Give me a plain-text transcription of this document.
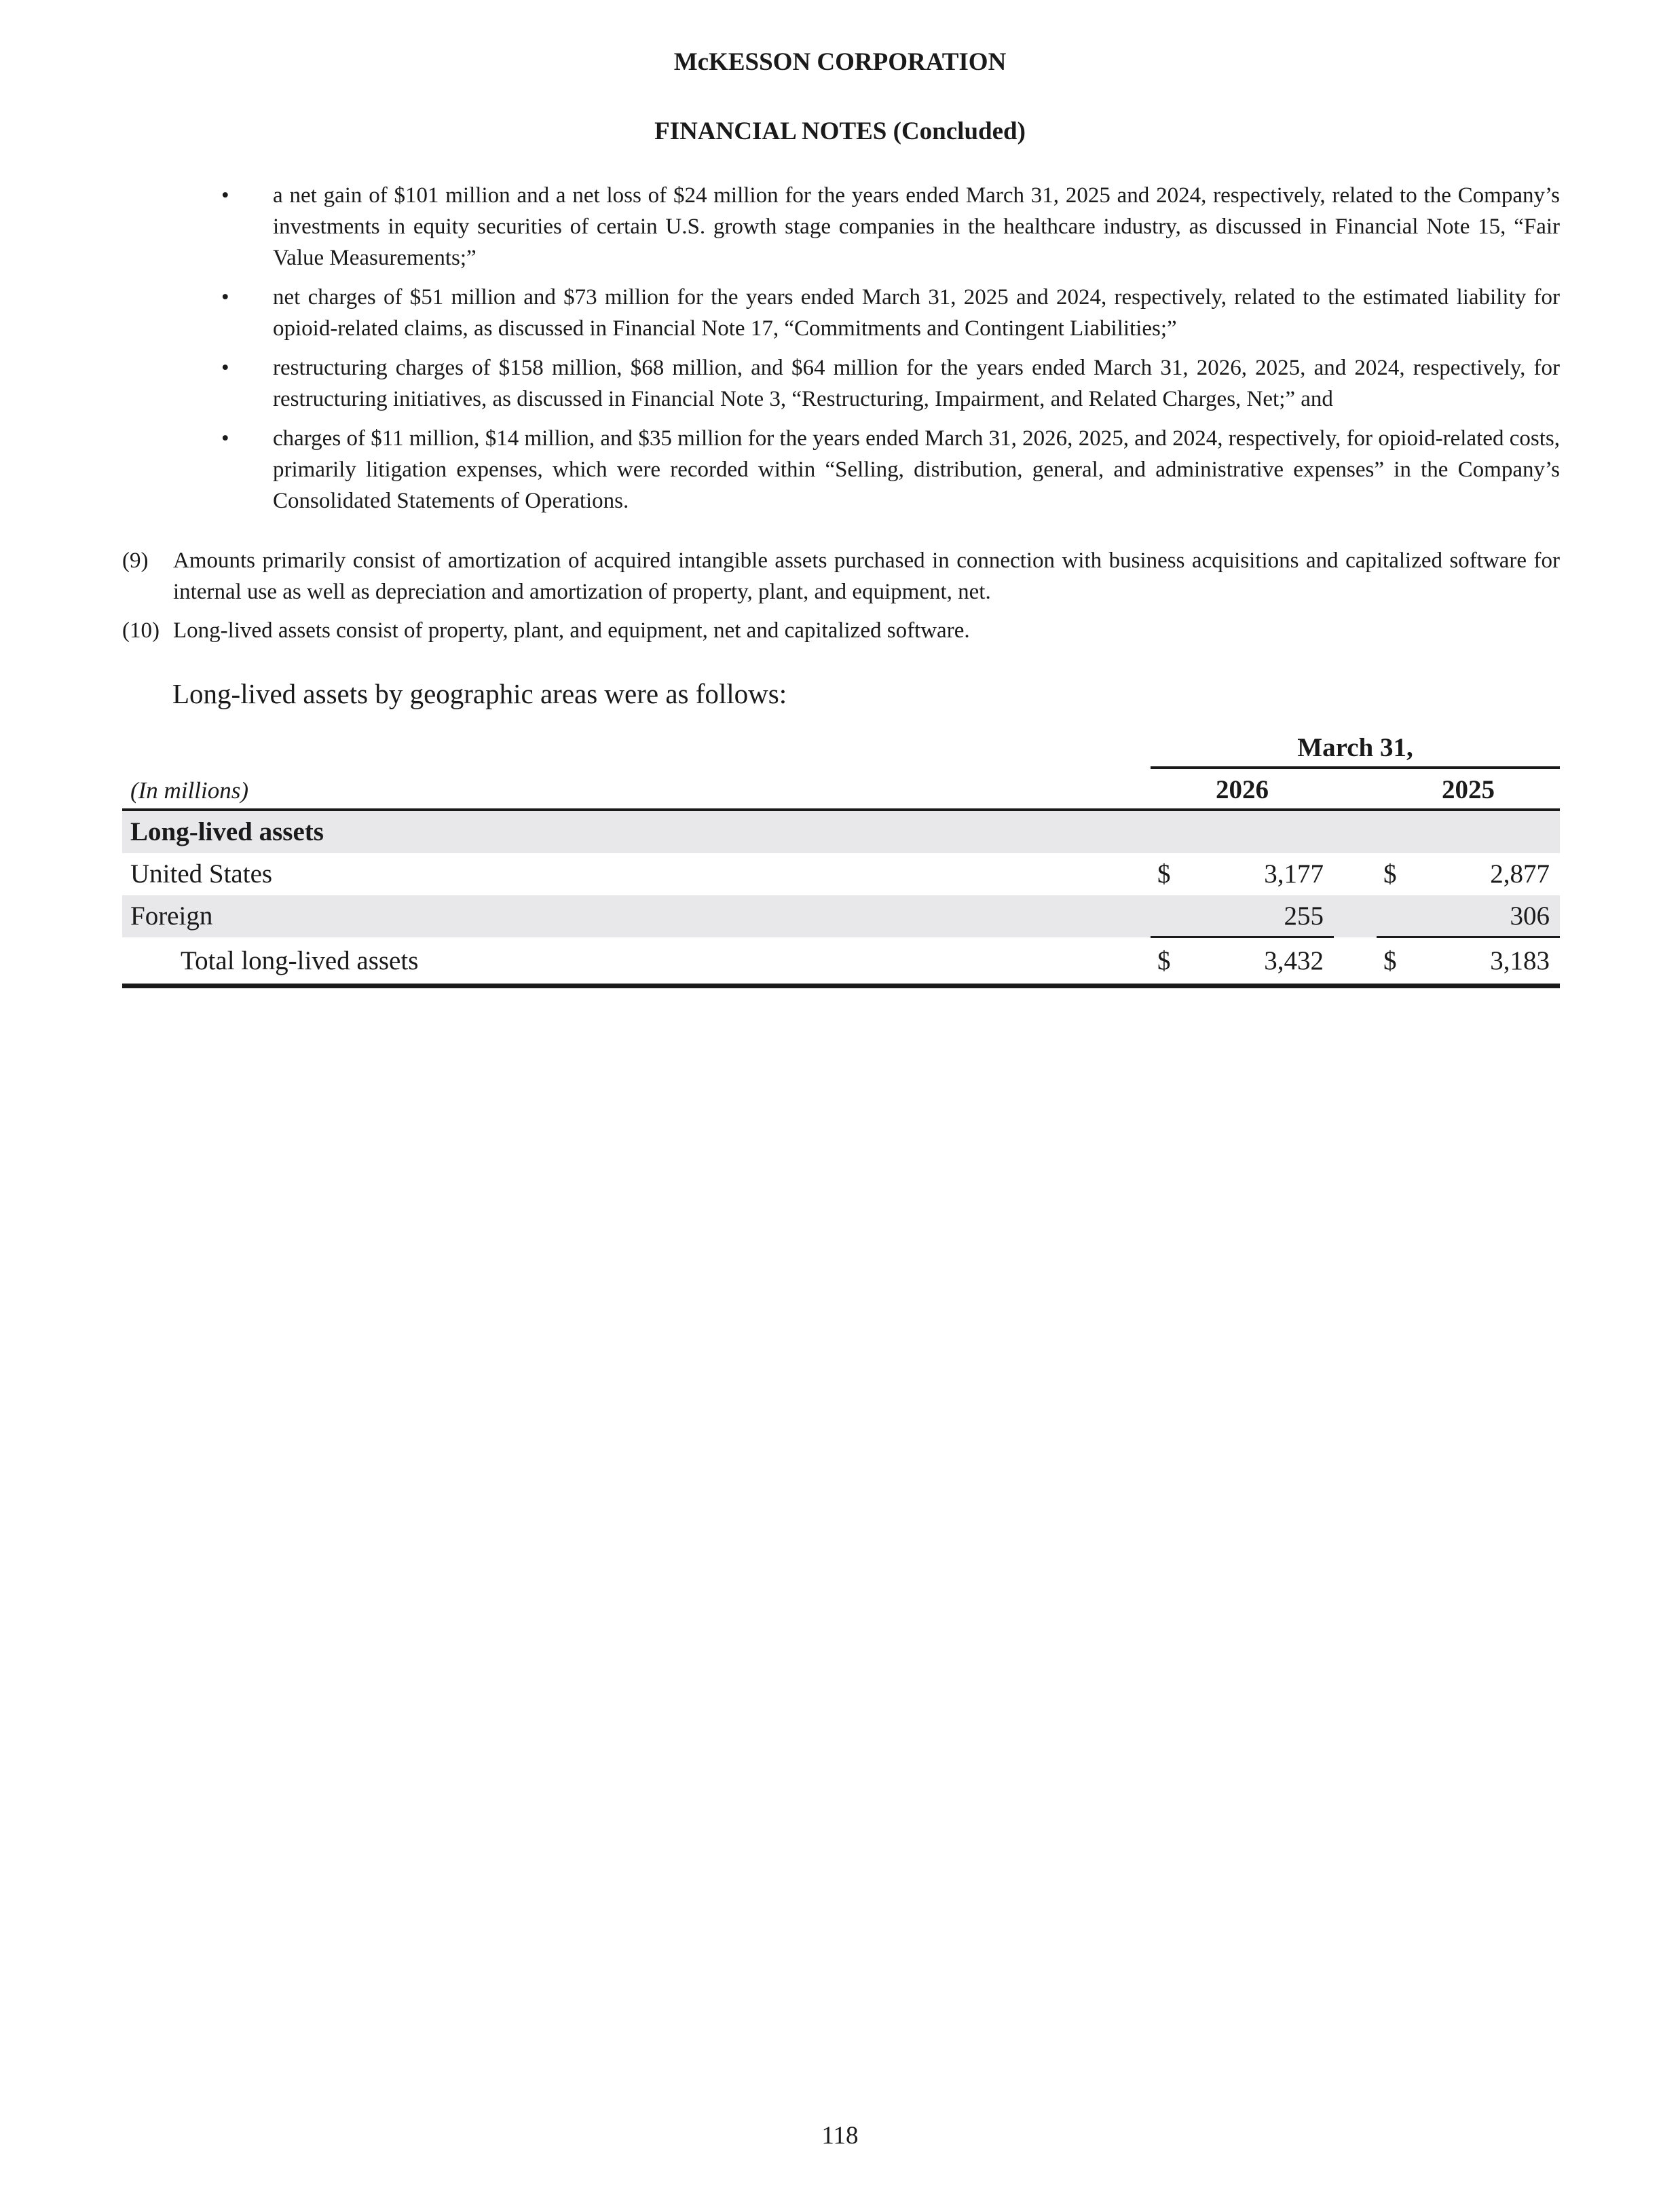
McKESSON CORPORATION
FINANCIAL NOTES (Concluded)
• a net gain of $101 million and a net loss of $24 million for the years ended March 31, 2025 and 2024, respectively, related to the Company’s investments in equity securities of certain U.S. growth stage companies in the healthcare industry, as discussed in Financial Note 15, “Fair Value Measurements;”
• net charges of $51 million and $73 million for the years ended March 31, 2025 and 2024, respectively, related to the estimated liability for opioid-related claims, as discussed in Financial Note 17, “Commitments and Contingent Liabilities;”
• restructuring charges of $158 million, $68 million, and $64 million for the years ended March 31, 2026, 2025, and 2024, respectively, for restructuring initiatives, as discussed in Financial Note 3, “Restructuring, Impairment, and Related Charges, Net;” and
• charges of $11 million, $14 million, and $35 million for the years ended March 31, 2026, 2025, and 2024, respectively, for opioid-related costs, primarily litigation expenses, which were recorded within “Selling, distribution, general, and administrative expenses” in the Company’s Consolidated Statements of Operations.
(9) Amounts primarily consist of amortization of acquired intangible assets purchased in connection with business acquisitions and capitalized software for internal use as well as depreciation and amortization of property, plant, and equipment, net.
(10) Long-lived assets consist of property, plant, and equipment, net and capitalized software.
Long-lived assets by geographic areas were as follows:
March 31,
(In millions)	2026	2025
Long-lived assets
United States	$	3,177 $	2,877
Foreign	255	306
Total long-lived assets	$	3,432 $	3,183
118
